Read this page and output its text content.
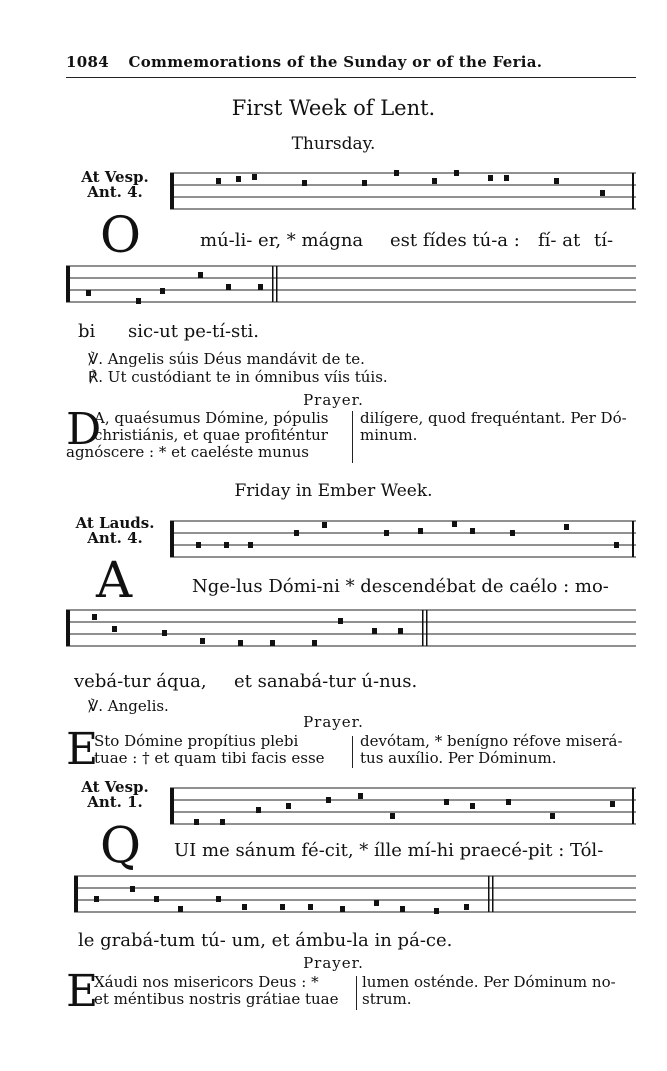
1084 Commemorations of the Sunday or of the Feria.
First Week of Lent.
Thursday.
At Vesp.
Ant. 4.
O	mú-li- er, * mágna est fídes tú-a : fí- at tí-
bi sic-ut pe-tí-sti.
℣. Angelis súis Déus mandávit de te.
℟. Ut custódiant te in ómnibus víis túis.
Prayer.
D
A, quaésumus Dómine, pópulis
christiánis, et quae profiténtur
agnóscere : * et caeléste munus
dilígere, quod frequéntant. Per Dó-
minum.
Friday in Ember Week.
At Lauds.
Ant. 4.
A	Nge-lus Dómi-ni * descendébat de caélo : mo-
vebá-tur áqua, et sanabá-tur ú-nus.
℣. Angelis.
Prayer.
E
Sto Dómine propítius plebi
tuae : † et quam tibi facis esse
devótam, * benígno réfove miserá-
tus auxílio. Per Dóminum.
At Vesp.
Ant. 1.
Q UI me sánum fé-cit, * ílle mí-hi praecé-pit : Tól-
le grabá-tum tú- um, et ámbu-la in pá-ce.
Prayer.
E
Xáudi nos misericors Deus : *
et méntibus nostris grátiae tuae
lumen osténde. Per Dóminum no-
strum.
